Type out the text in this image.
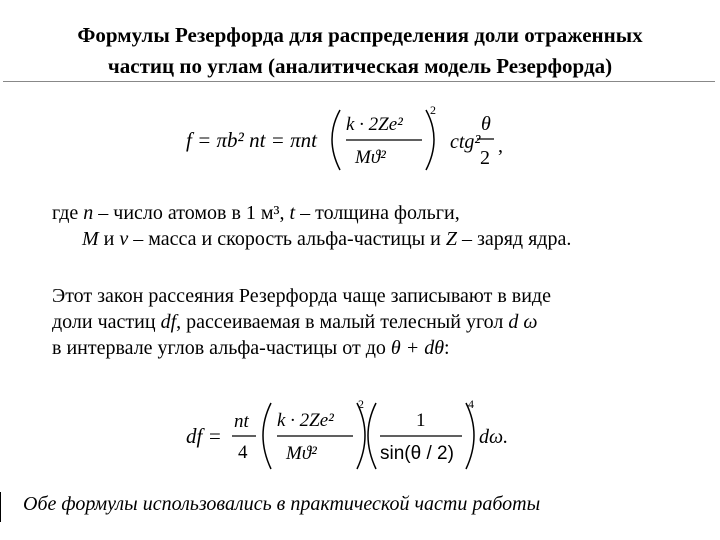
Формулы Резерфорда для распределения доли отраженных
частиц по углам (аналитическая модель Резерфорда)
f = πb² nt = πnt
k · 2Ze²
Mϑ²
2
ctg²
θ
2
,
где n – число атомов в 1 м³, t – толщина фольги,
M и v – масса и скорость альфа-частицы и Z – заряд ядра.
Этот закон рассеяния Резерфорда чаще записывают в виде
доли частиц df, рассеиваемая в малый телесный угол d ω
в интервале углов альфа-частицы от до θ + dθ:
df =
nt
4
k · 2Ze²
Mϑ²
2
1
sin(θ / 2)
4
dω.
Обе формулы использовались в практической части работы
